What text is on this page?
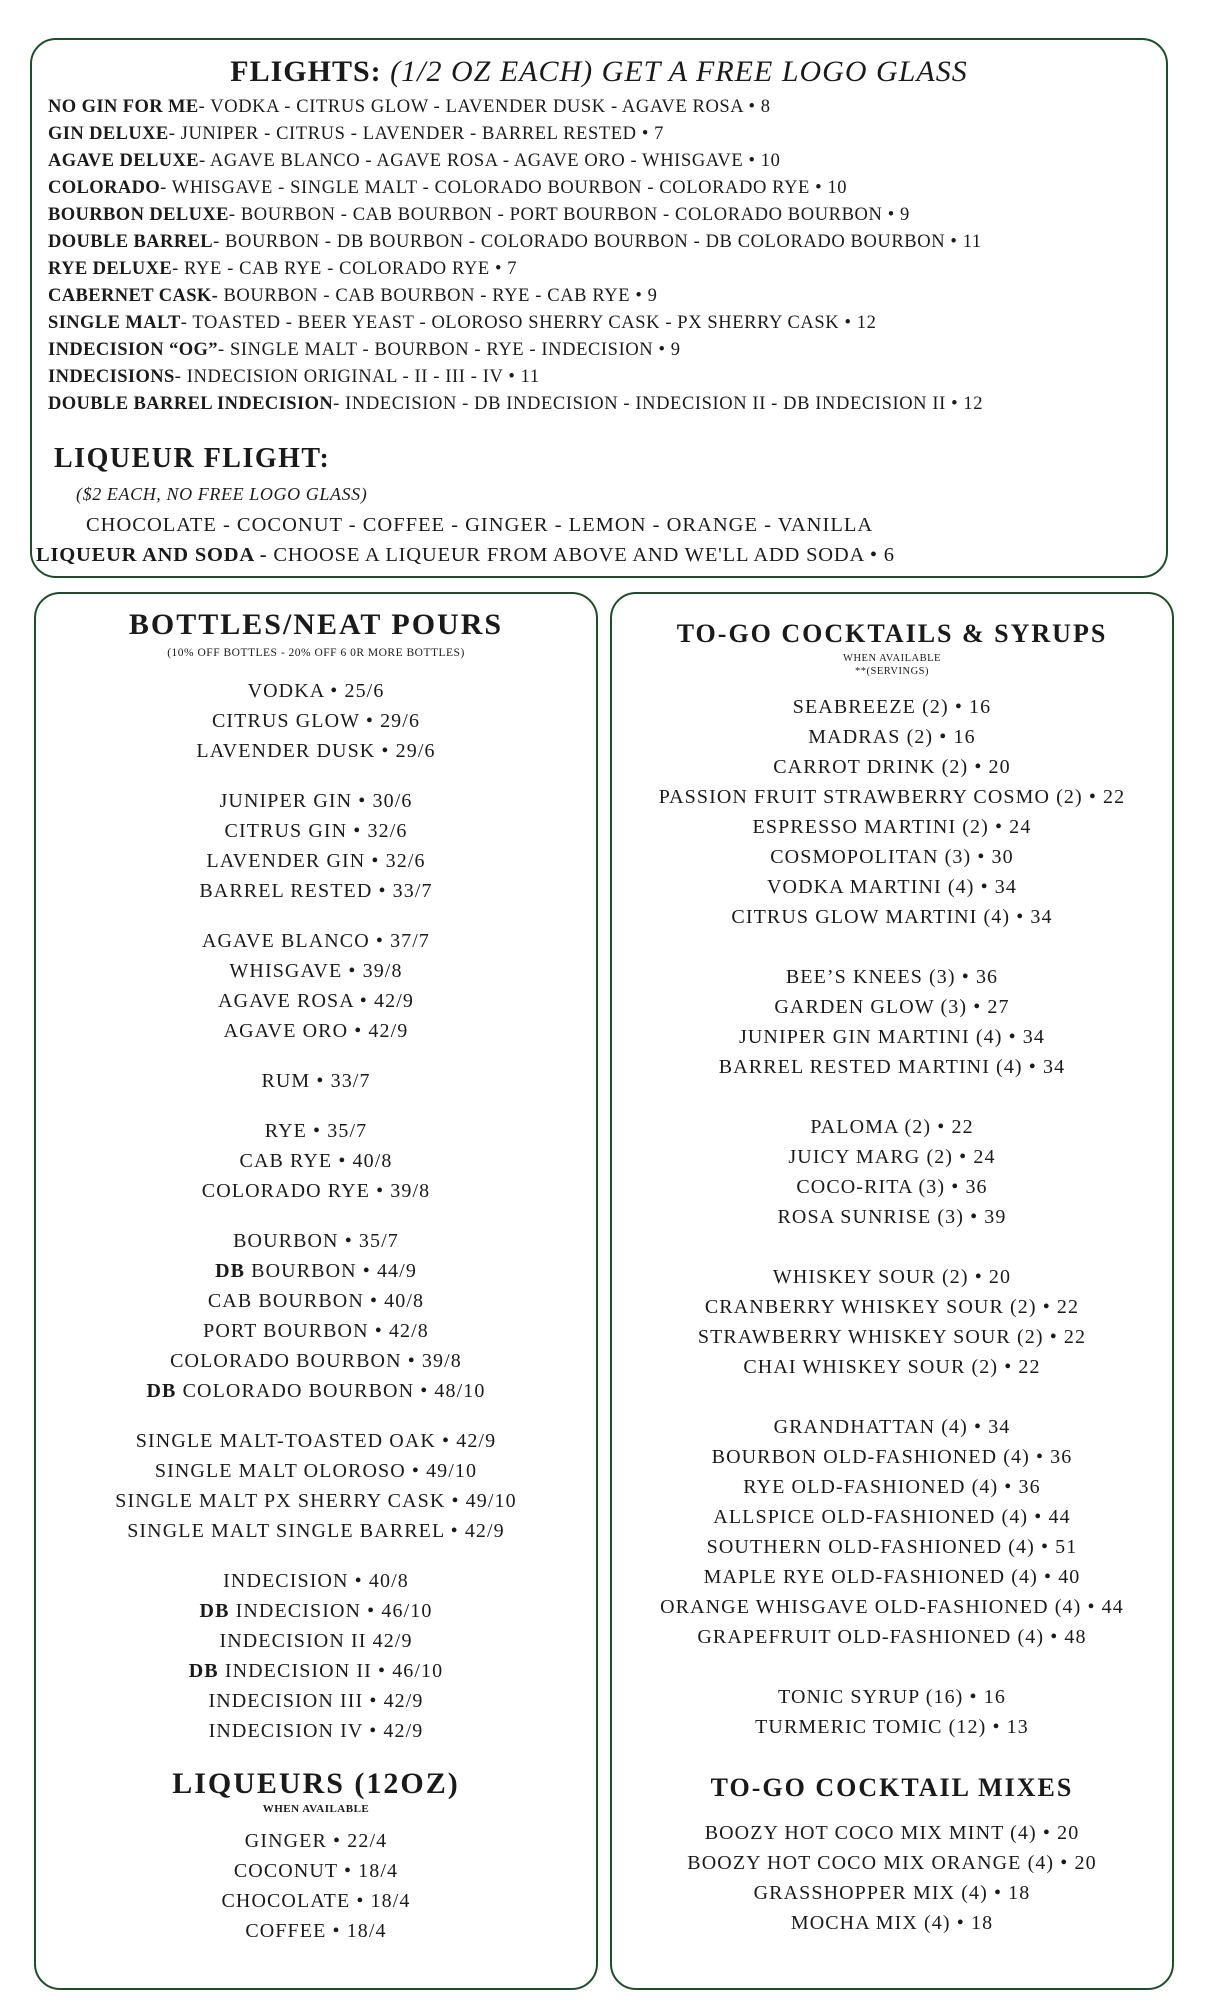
FLIGHTS: (1/2 OZ EACH) GET A FREE LOGO GLASS
NO GIN FOR ME- VODKA - CITRUS GLOW - LAVENDER DUSK - AGAVE ROSA • 8
GIN DELUXE- JUNIPER - CITRUS - LAVENDER - BARREL RESTED • 7
AGAVE DELUXE- AGAVE BLANCO - AGAVE ROSA - AGAVE ORO - WHISGAVE • 10
COLORADO- WHISGAVE - SINGLE MALT - COLORADO BOURBON - COLORADO RYE • 10
BOURBON DELUXE- BOURBON - CAB BOURBON - PORT BOURBON - COLORADO BOURBON • 9
DOUBLE BARREL- BOURBON - DB BOURBON - COLORADO BOURBON - DB COLORADO BOURBON • 11
RYE DELUXE- RYE - CAB RYE - COLORADO RYE • 7
CABERNET CASK- BOURBON - CAB BOURBON - RYE - CAB RYE • 9
SINGLE MALT- TOASTED - BEER YEAST - OLOROSO SHERRY CASK - PX SHERRY CASK • 12
INDECISION “OG”- SINGLE MALT - BOURBON - RYE - INDECISION • 9
INDECISIONS- INDECISION ORIGINAL - II - III - IV • 11
DOUBLE BARREL INDECISION- INDECISION - DB INDECISION - INDECISION II - DB INDECISION II • 12
LIQUEUR FLIGHT:
($2 EACH, NO FREE LOGO GLASS)
CHOCOLATE - COCONUT - COFFEE - GINGER - LEMON - ORANGE - VANILLA
LIQUEUR AND SODA - CHOOSE A LIQUEUR FROM ABOVE AND WE'LL ADD SODA • 6
BOTTLES/NEAT POURS
(10% OFF BOTTLES - 20% OFF 6 0R MORE BOTTLES)
VODKA • 25/6
CITRUS GLOW • 29/6
LAVENDER DUSK • 29/6
JUNIPER GIN • 30/6
CITRUS GIN • 32/6
LAVENDER GIN • 32/6
BARREL RESTED • 33/7
AGAVE BLANCO • 37/7
WHISGAVE • 39/8
AGAVE ROSA • 42/9
AGAVE ORO • 42/9
RUM • 33/7
RYE • 35/7
CAB RYE • 40/8
COLORADO RYE • 39/8
BOURBON • 35/7
DB BOURBON • 44/9
CAB BOURBON • 40/8
PORT BOURBON • 42/8
COLORADO BOURBON • 39/8
DB COLORADO BOURBON • 48/10
SINGLE MALT-TOASTED OAK • 42/9
SINGLE MALT OLOROSO • 49/10
SINGLE MALT PX SHERRY CASK • 49/10
SINGLE MALT SINGLE BARREL • 42/9
INDECISION • 40/8
DB INDECISION • 46/10
INDECISION II 42/9
DB INDECISION II • 46/10
INDECISION III • 42/9
INDECISION IV • 42/9
LIQUEURS (12OZ)
WHEN AVAILABLE
GINGER • 22/4
COCONUT • 18/4
CHOCOLATE • 18/4
COFFEE • 18/4
TO-GO COCKTAILS & SYRUPS
WHEN AVAILABLE
**(SERVINGS)
SEABREEZE (2) • 16
MADRAS (2) • 16
CARROT DRINK (2) • 20
PASSION FRUIT STRAWBERRY COSMO (2) • 22
ESPRESSO MARTINI (2) • 24
COSMOPOLITAN (3) • 30
VODKA MARTINI (4) • 34
CITRUS GLOW MARTINI (4) • 34
BEE’S KNEES (3) • 36
GARDEN GLOW (3) • 27
JUNIPER GIN MARTINI (4) • 34
BARREL RESTED MARTINI (4) • 34
PALOMA (2) • 22
JUICY MARG (2) • 24
COCO-RITA (3) • 36
ROSA SUNRISE (3) • 39
WHISKEY SOUR (2) • 20
CRANBERRY WHISKEY SOUR (2) • 22
STRAWBERRY WHISKEY SOUR (2) • 22
CHAI WHISKEY SOUR (2) • 22
GRANDHATTAN (4) • 34
BOURBON OLD-FASHIONED (4) • 36
RYE OLD-FASHIONED (4) • 36
ALLSPICE OLD-FASHIONED (4) • 44
SOUTHERN OLD-FASHIONED (4) • 51
MAPLE RYE OLD-FASHIONED (4) • 40
ORANGE WHISGAVE OLD-FASHIONED (4) • 44
GRAPEFRUIT OLD-FASHIONED (4) • 48
TONIC SYRUP (16) • 16
TURMERIC TOMIC (12) • 13
TO-GO COCKTAIL MIXES
BOOZY HOT COCO MIX MINT (4) • 20
BOOZY HOT COCO MIX ORANGE (4) • 20
GRASSHOPPER MIX (4) • 18
MOCHA MIX (4) • 18
